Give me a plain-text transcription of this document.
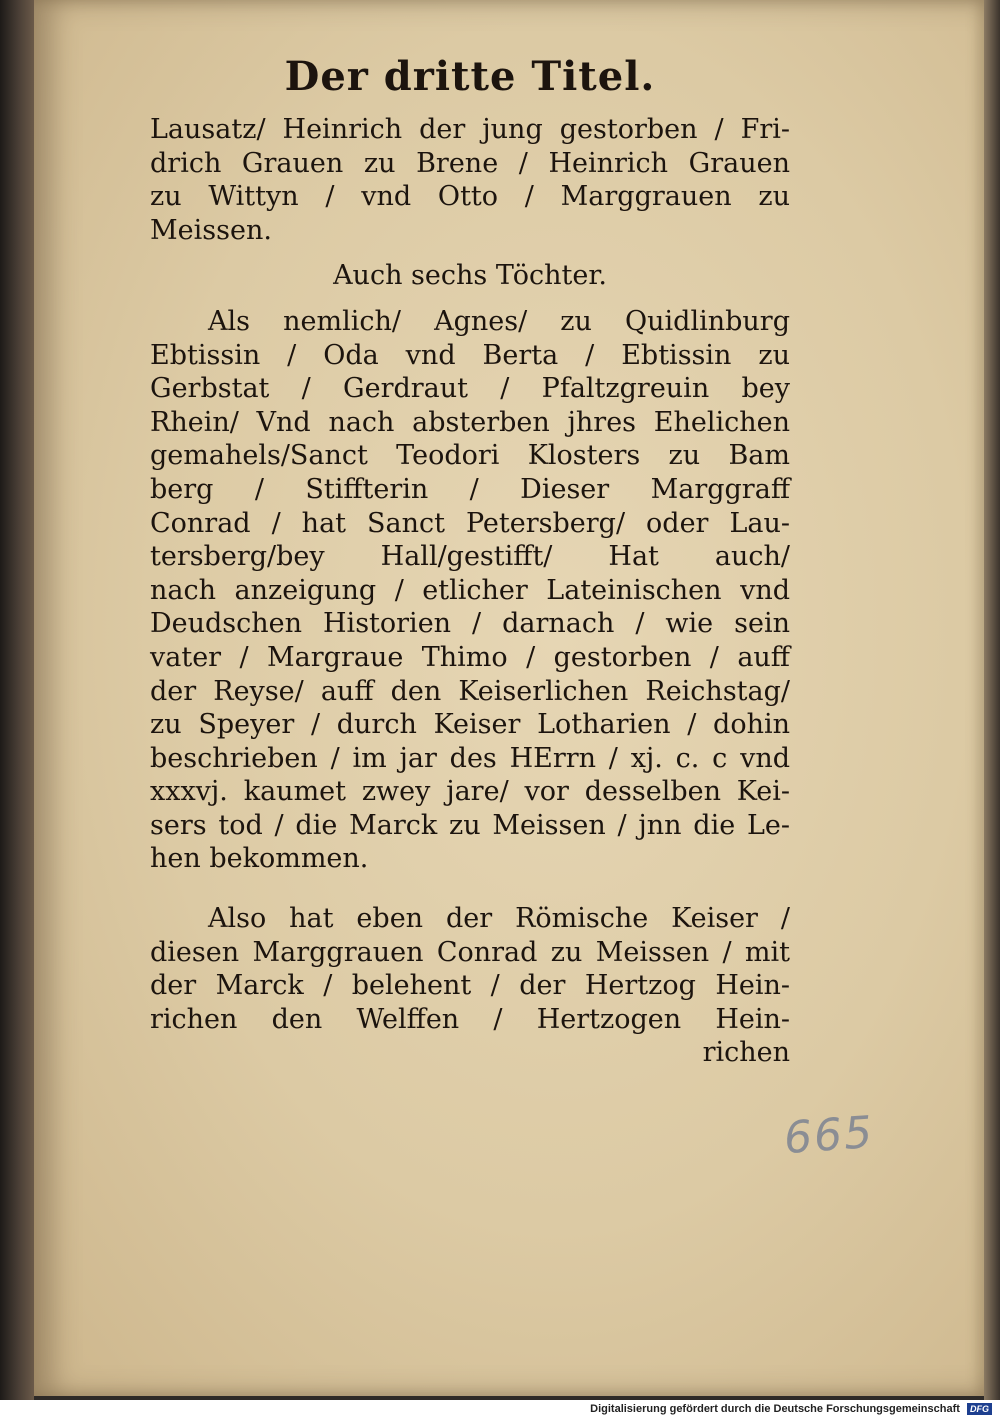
Der dritte Titel.
Lausatz/ Heinrich der jung gestorben / Fri-
drich Grauen zu Brene / Heinrich Grauen
zu Wittyn / vnd Otto / Marggrauen zu
Meissen.
Auch sechs Töchter.
Als nemlich/ Agnes/ zu Quidlinburg
Ebtissin / Oda vnd Berta / Ebtissin zu
Gerbstat / Gerdraut / Pfaltzgreuin bey
Rhein/ Vnd nach absterben jhres Ehelichen
gemahels/Sanct Teodori Klosters zu Bam
berg / Stiffterin / Dieser Marggraff
Conrad / hat Sanct Petersberg/ oder Lau-
tersberg/bey Hall/gestifft/ Hat auch/
nach anzeigung / etlicher Lateinischen vnd
Deudschen Historien / darnach / wie sein
vater / Margraue Thimo / gestorben / auff
der Reyse/ auff den Keiserlichen Reichstag/
zu Speyer / durch Keiser Lotharien / dohin
beschrieben / im jar des HErrn / xj. c. c vnd
xxxvj. kaumet zwey jare/ vor desselben Kei-
sers tod / die Marck zu Meissen / jnn die Le-
hen bekommen.
Also hat eben der Römische Keiser /
diesen Marggrauen Conrad zu Meissen / mit
der Marck / belehent / der Hertzog Hein-
richen den Welffen / Hertzogen Hein-
richen
665
Digitalisierung gefördert durch die Deutsche Forschungsgemeinschaft DFG
